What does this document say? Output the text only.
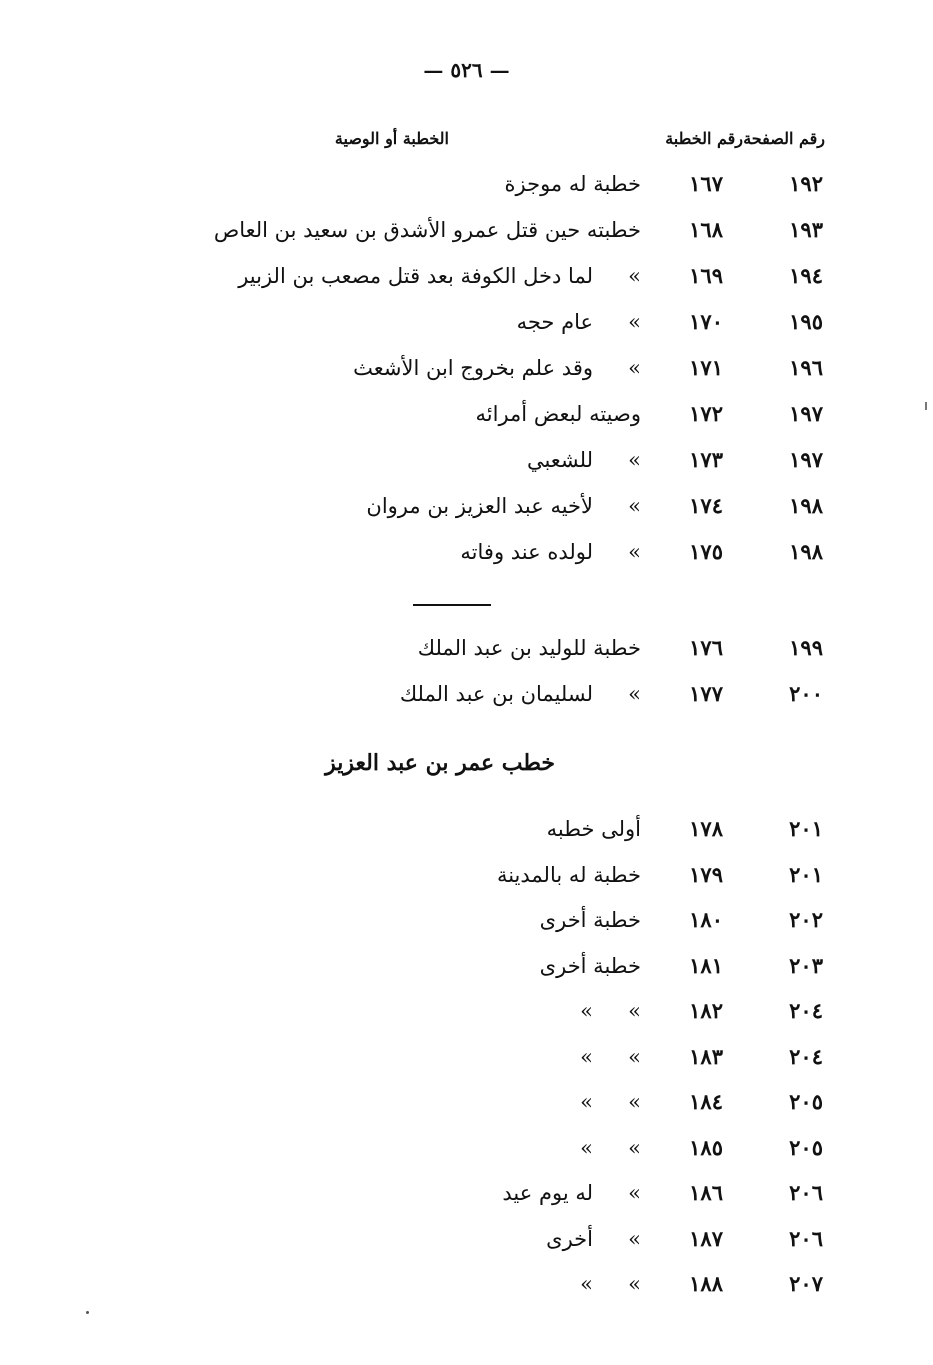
— ٥٢٦ —
رقم الصفحة
رقم الخطبة
الخطبة أو الوصية
١٩٢
١٦٧
خطبة له موجزة
١٩٣
١٦٨
خطبته حين قتل عمرو الأشدق بن سعيد بن العاص
١٩٤
١٦٩
»
لما دخل الكوفة بعد قتل مصعب بن الزبير
١٩٥
١٧٠
»
عام حجه
١٩٦
١٧١
»
وقد علم بخروج ابن الأشعث
١٩٧
١٧٢
وصيته لبعض أمرائه
١٩٧
١٧٣
»
للشعبي
١٩٨
١٧٤
»
لأخيه عبد العزيز بن مروان
١٩٨
١٧٥
»
لولده عند وفاته
١٩٩
١٧٦
خطبة للوليد بن عبد الملك
٢٠٠
١٧٧
»
لسليمان بن عبد الملك
خطب عمر بن عبد العزيز
٢٠١
١٧٨
أولى خطبه
٢٠١
١٧٩
خطبة له بالمدينة
٢٠٢
١٨٠
خطبة أخرى
٢٠٣
١٨١
خطبة أخرى
٢٠٤
١٨٢
»
»
٢٠٤
١٨٣
»
»
٢٠٥
١٨٤
»
»
٢٠٥
١٨٥
»
»
٢٠٦
١٨٦
»
له يوم عيد
٢٠٦
١٨٧
»
أخرى
٢٠٧
١٨٨
»
»
